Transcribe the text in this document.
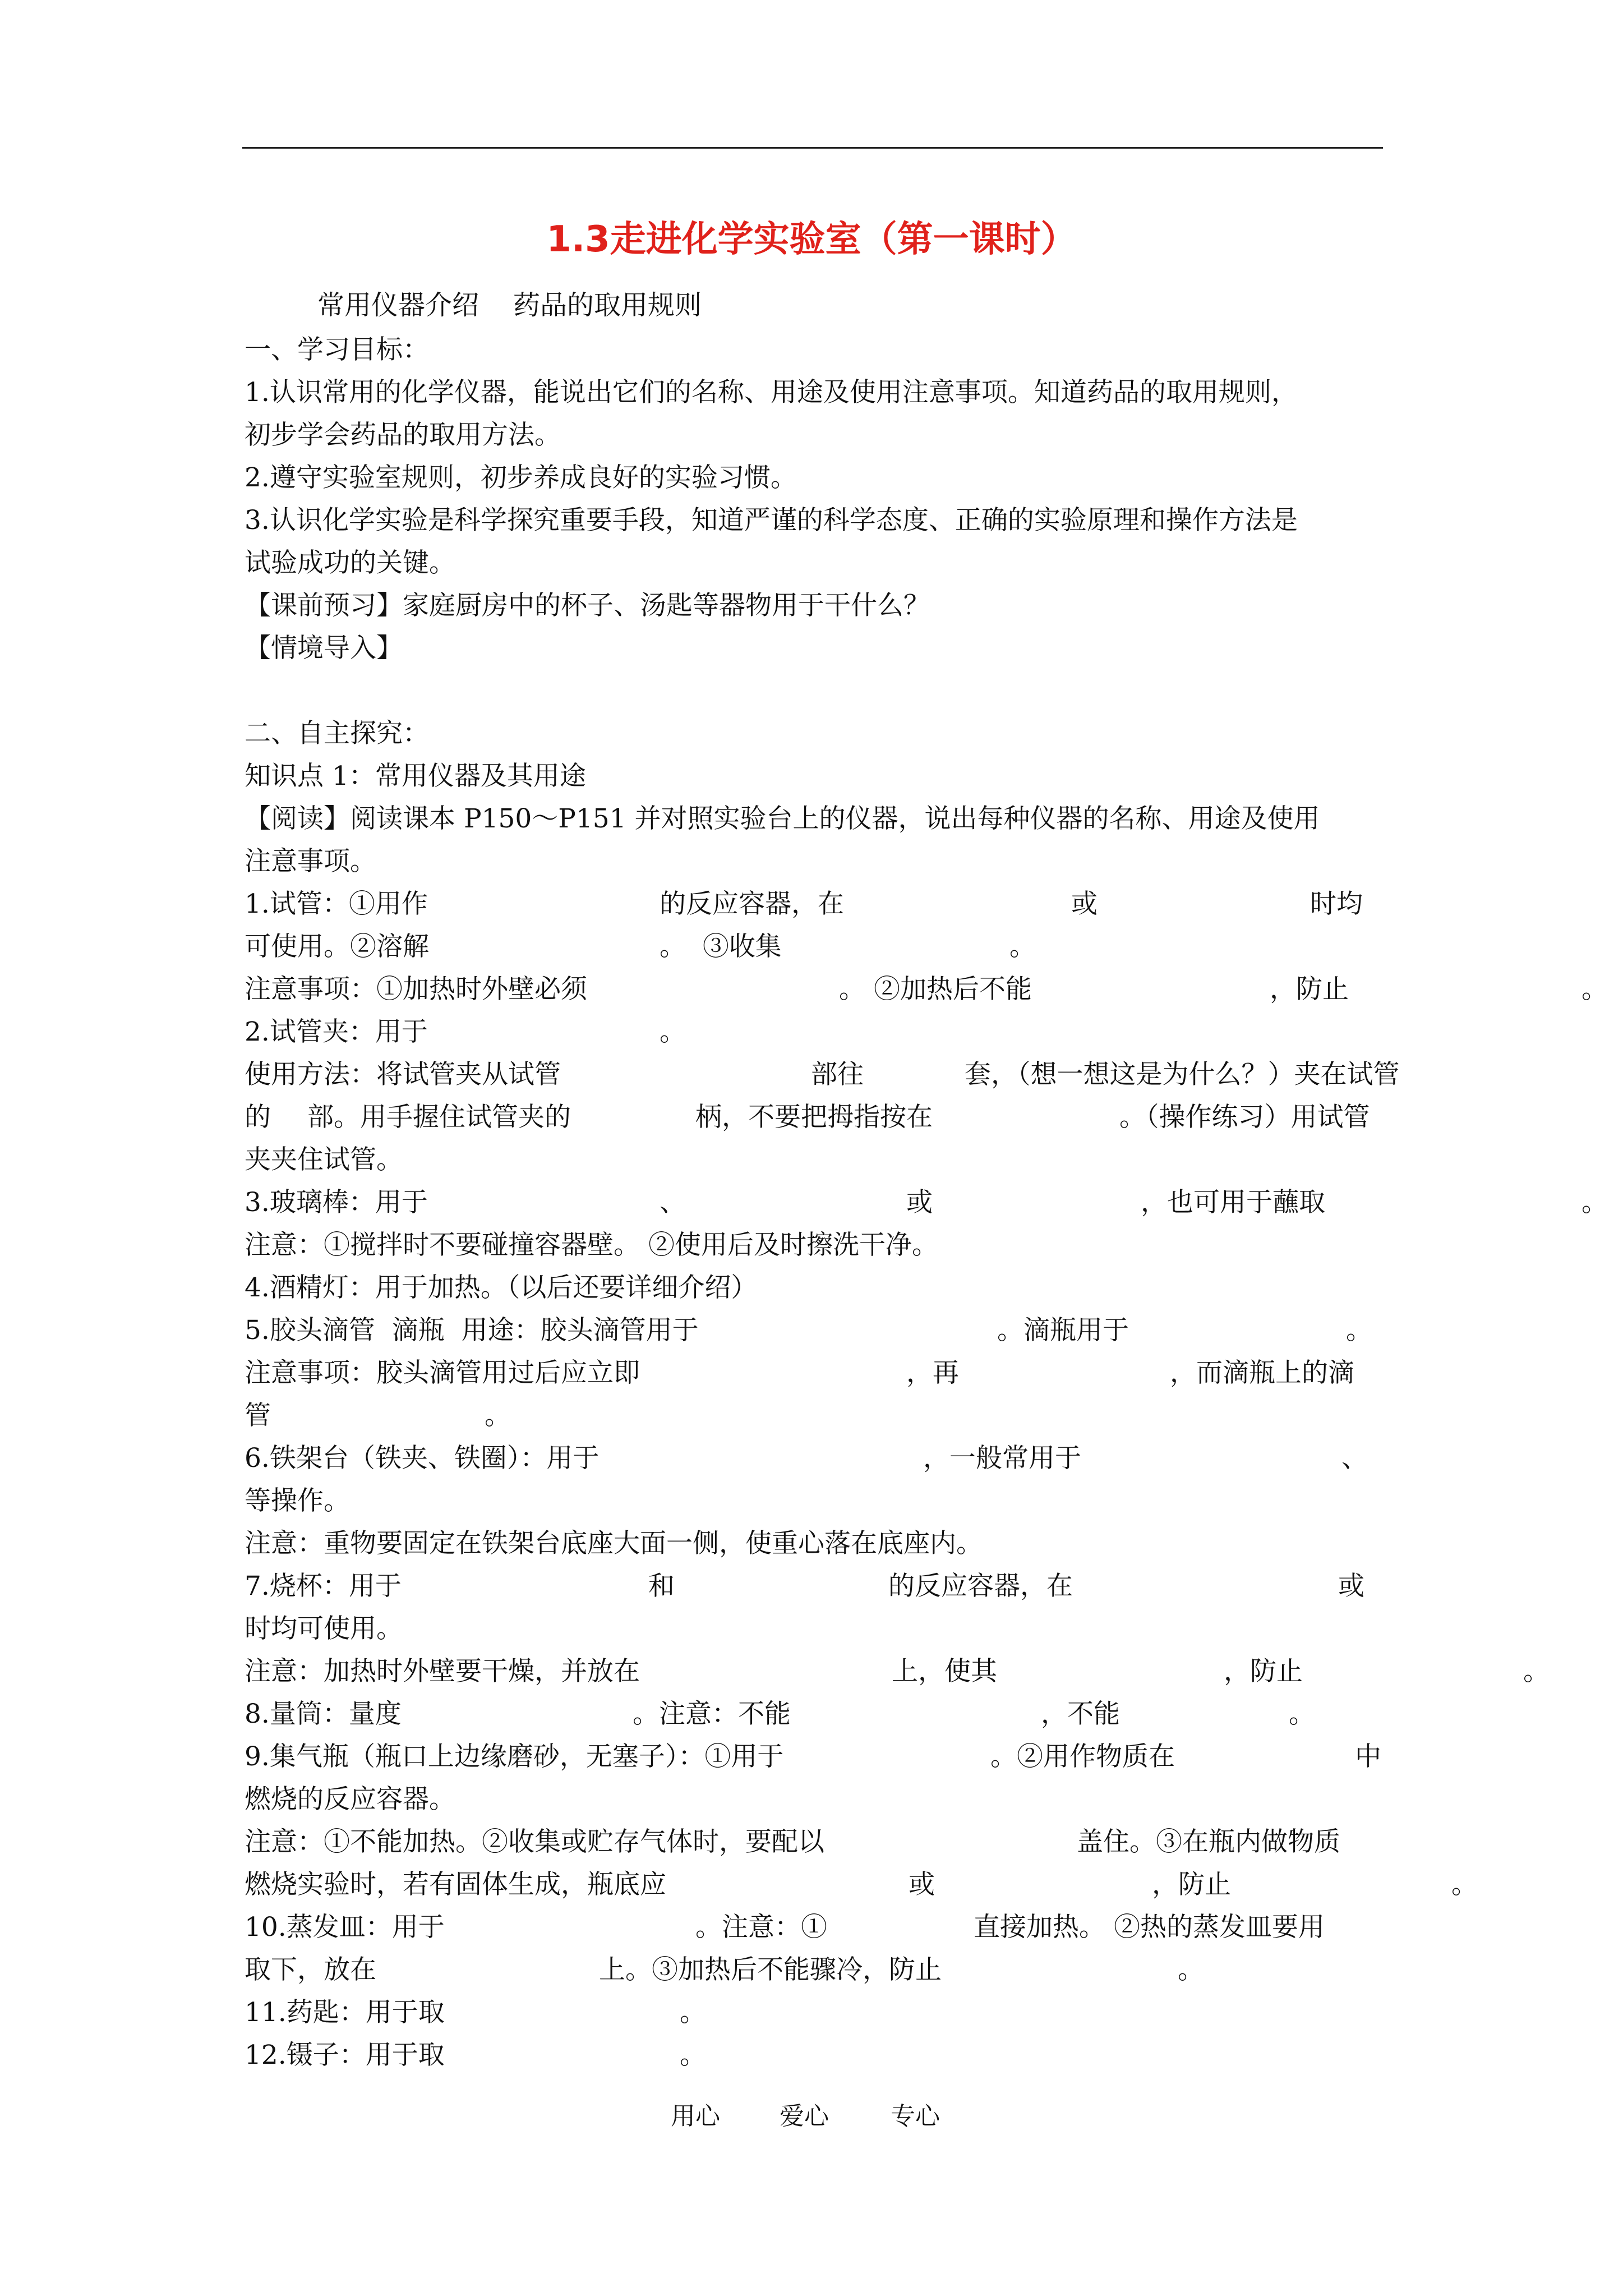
1.3走进化学实验室（第一课时）
常用仪器介绍    药品的取用规则
一、学习目标：
1.认识常用的化学仪器，能说出它们的名称、用途及使用注意事项。知道药品的取用规则，
初步学会药品的取用方法。
2.遵守实验室规则，初步养成良好的实验习惯。
3.认识化学实验是科学探究重要手段，知道严谨的科学态度、正确的实验原理和操作方法是
试验成功的关键。
【课前预习】家庭厨房中的杯子、汤匙等器物用于干什么？
【情境导入】
二、自主探究：
知识点 1：常用仪器及其用途
【阅读】阅读课本 P150～P151 并对照实验台上的仪器，说出每种仪器的名称、用途及使用
注意事项。
1.试管：①用作	的反应容器，在	或	时均
可使用。②溶解	。  ③收集	。
注意事项：①加热时外壁必须	。 ②加热后不能	，防止	。
2.试管夹：用于	。
使用方法：将试管夹从试管	部往	套，（想一想这是为什么？）夹在试管
的 部。用手握住试管夹的	柄，不要把拇指按在	。（操作练习）用试管
夹夹住试管。
3.玻璃棒：用于	、	或	，也可用于蘸取	。
注意：①搅拌时不要碰撞容器壁。 ②使用后及时擦洗干净。
4.酒精灯：用于加热。（以后还要详细介绍）
5.胶头滴管  滴瓶  用途：胶头滴管用于	。滴瓶用于	。
注意事项：胶头滴管用过后应立即	，再	，而滴瓶上的滴
管	。
6.铁架台（铁夹、铁圈）：用于	，一般常用于	、
等操作。
注意：重物要固定在铁架台底座大面一侧，使重心落在底座内。
7.烧杯：用于	和	的反应容器，在	或
时均可使用。
注意：加热时外壁要干燥，并放在	上，使其	，防止	。
8.量筒：量度	。注意：不能	，不能	。
9.集气瓶（瓶口上边缘磨砂，无塞子）：①用于	。②用作物质在	中
燃烧的反应容器。
注意：①不能加热。②收集或贮存气体时，要配以	盖住。③在瓶内做物质
燃烧实验时，若有固体生成，瓶底应	或	，防止	。
10.蒸发皿：用于	。注意：①	直接加热。 ②热的蒸发皿要用
取下，放在	上。③加热后不能骤冷，防止	。
11.药匙：用于取	。
12.镊子：用于取	。
用心 爱心	专心
